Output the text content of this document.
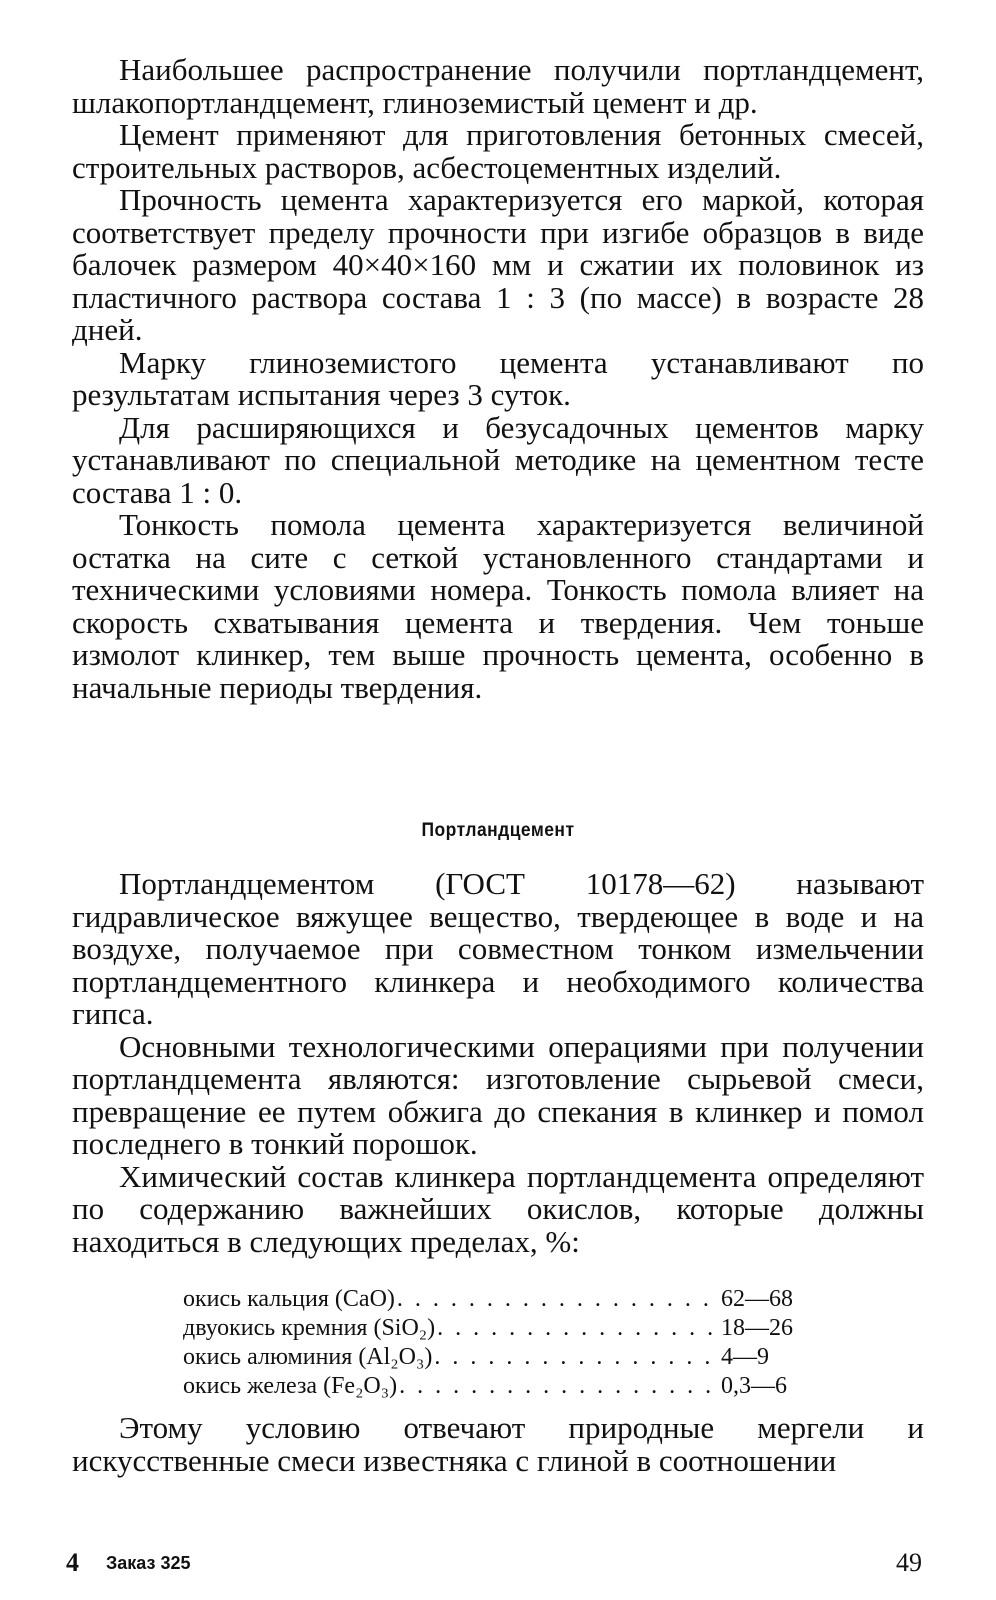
Наибольшее распространение получили портландцемент, шлакопортландцемент, глиноземистый цемент и др.

Цемент применяют для приготовления бетонных смесей, строительных растворов, асбестоцементных изделий.

Прочность цемента характеризуется его маркой, которая соответствует пределу прочности при изгибе образцов в виде балочек размером 40×40×160 мм и сжатии их половинок из пластичного раствора состава 1 : 3 (по массе) в возрасте 28 дней.

Марку глиноземистого цемента устанавливают по результатам испытания через 3 суток.

Для расширяющихся и безусадочных цементов марку устанавливают по специальной методике на цементном тесте состава 1 : 0.

Тонкость помола цемента характеризуется величиной остатка на сите с сеткой установленного стандартами и техническими условиями номера. Тонкость помола влияет на скорость схватывания цемента и твердения. Чем тоньше измолот клинкер, тем выше прочность цемента, особенно в начальные периоды твердения.

Портландцемент

Портландцементом (ГОСТ 10178—62) называют гидравлическое вяжущее вещество, твердеющее в воде и на воздухе, получаемое при совместном тонком измельчении портландцементного клинкера и необходимого количества гипса.

Основными технологическими операциями при получении портландцемента являются: изготовление сырьевой смеси, превращение ее путем обжига до спекания в клинкер и помол последнего в тонкий порошок.

Химический состав клинкера портландцемента определяют по содержанию важнейших окислов, которые должны находиться в следующих пределах, %:

окись кальция (CaO) . . .	62—68
двуокись кремния (SiO₂) . . .	18—26
окись алюминия (Al₂O₃) . . .	4—9
окись железа (Fe₂O₃) . . .	0,3—6

Этому условию отвечают природные мергели и искусственные смеси известняка с глиной в соотношении

4 Заказ 325	49
